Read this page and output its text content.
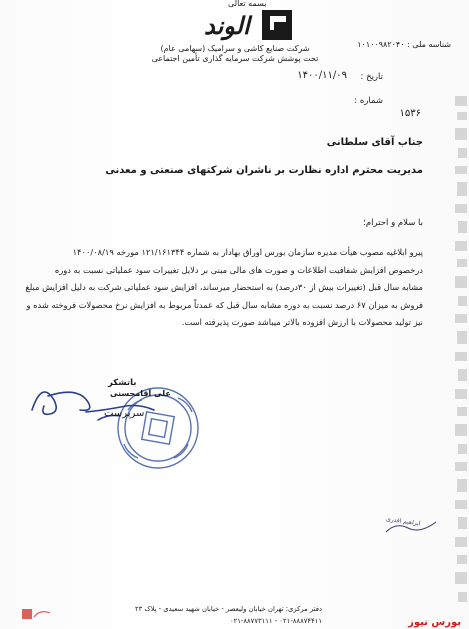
بسمه تعالی
الوند
شرکت صنایع کاشی و سرامیک (سهامی عام)
تحت پوشش شرکت سرمایه گذاری تأمین اجتماعی
شناسه ملی : ۱۰۱۰۰۹۸۲۰۴۰
تاریخ :
۱۴۰۰/۱۱/۰۹
شماره :
۱۵۳۶
جناب آقای سلطانی
مدیریت محترم اداره نظارت بر ناشران شرکتهای صنعتی و معدنی
با سلام و احترام؛
پیرو ابلاغیه مصوب هیأت مدیره سازمان بورس اوراق بهادار به شماره ۱۲۱/۱۶۱۳۴۴ مورخه ۱۴۰۰/۰۸/۱۹
درخصوص افزایش شفافیت اطلاعات و صورت های مالی مبنی بر دلایل تغییرات سود عملیاتی نسبت به دوره
مشابه سال قبل (تغییرات بیش از ۳۰درصد) به استحضار میرساند، افزایش سود عملیاتی شرکت به دلیل افزایش مبلغ
فروش به میزان ۶۷ درصد نسبت به دوره مشابه سال قبل که عمدتاً مربوط به افزایش نرخ محصولات فروخته شده و
نیز تولید محصولات با ارزش افزوده بالاتر میباشد صورت پذیرفته است.
سرپرست
باتشکر
علی آقامحسنی
ابراهیم اقدری
دفتر مرکزی: تهران خیابان ولیعصر - خیابان شهید سعیدی - پلاک ۲۳
۰۲۱-۸۸۸۷۴۴۱۱ - ۰۲۱-۸۸۷۷۳۱۱۱	بورس نیوز
